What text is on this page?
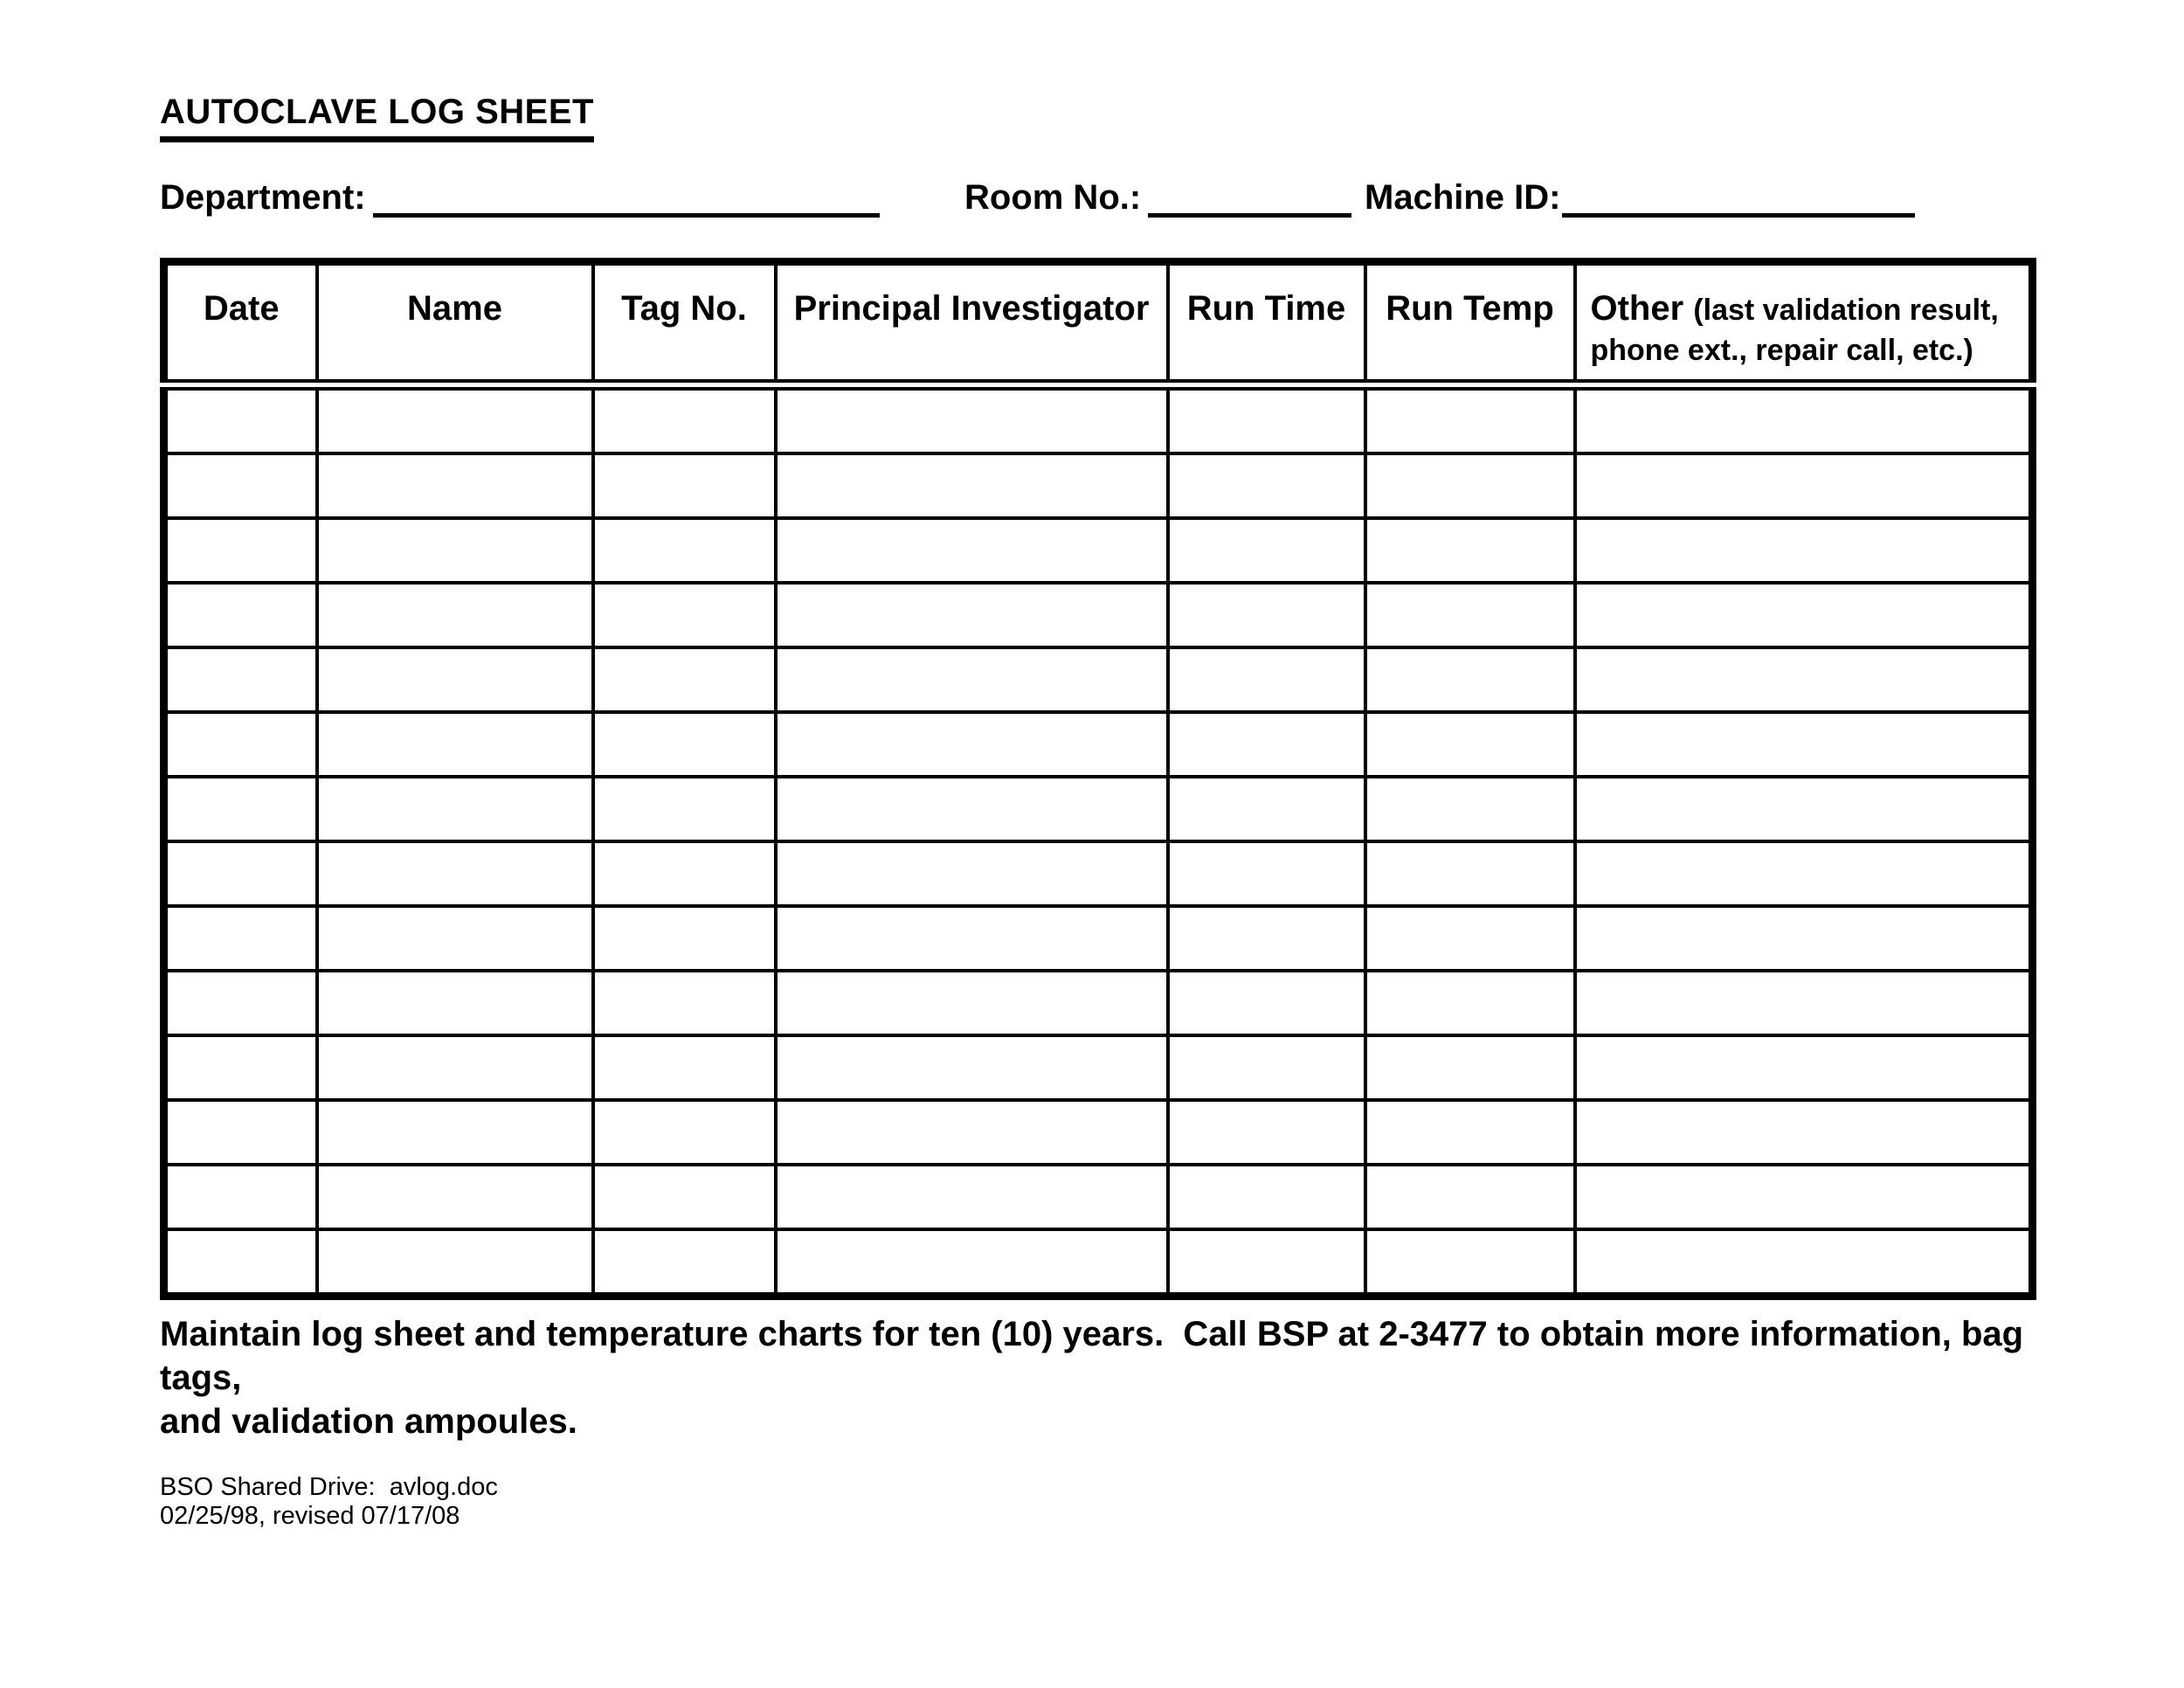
AUTOCLAVE LOG SHEET
Department:	Room No.:	Machine ID:
Date	Name	Tag No.	Principal Investigator	Run Time	Run Temp	Other (last validation result, phone ext., repair call, etc.)

Maintain log sheet and temperature charts for ten (10) years.  Call BSP at 2-3477 to obtain more information, bag tags,
and validation ampoules.

BSO Shared Drive:  avlog.doc
02/25/98, revised 07/17/08
